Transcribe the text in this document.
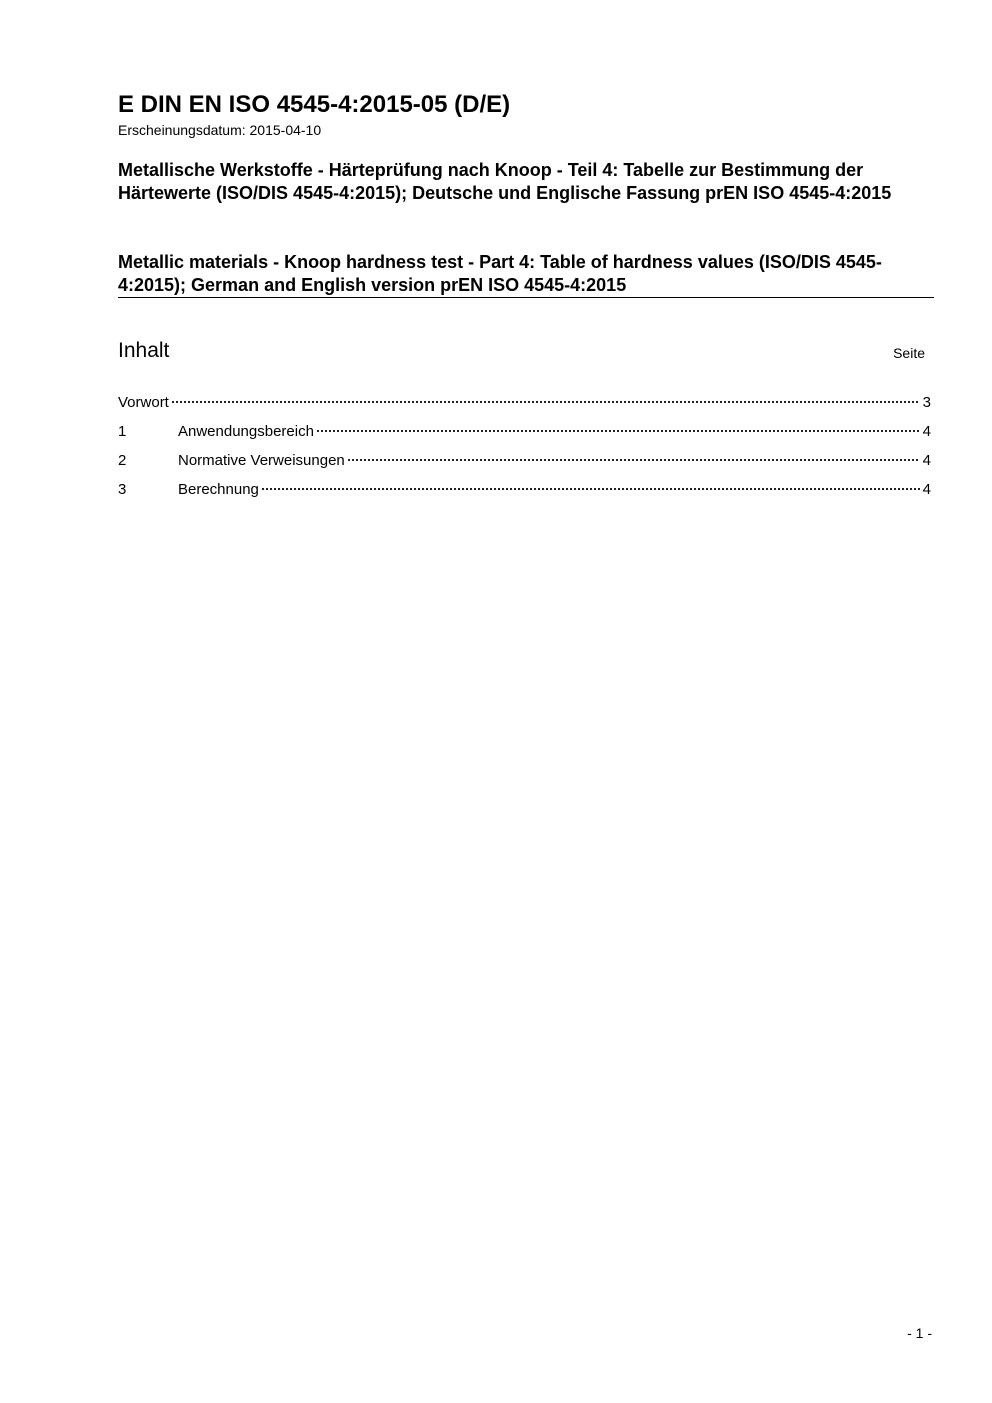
E DIN EN ISO 4545-4:2015-05 (D/E)
Erscheinungsdatum: 2015-04-10
Metallische Werkstoffe - Härteprüfung nach Knoop - Teil 4: Tabelle zur Bestimmung der Härtewerte (ISO/DIS 4545-4:2015); Deutsche und Englische Fassung prEN ISO 4545-4:2015
Metallic materials - Knoop hardness test - Part 4: Table of hardness values (ISO/DIS 4545-4:2015); German and English version prEN ISO 4545-4:2015
Inhalt	Seite
Vorwort	3
1	Anwendungsbereich	4
2	Normative Verweisungen	4
3	Berechnung	4
- 1 -
